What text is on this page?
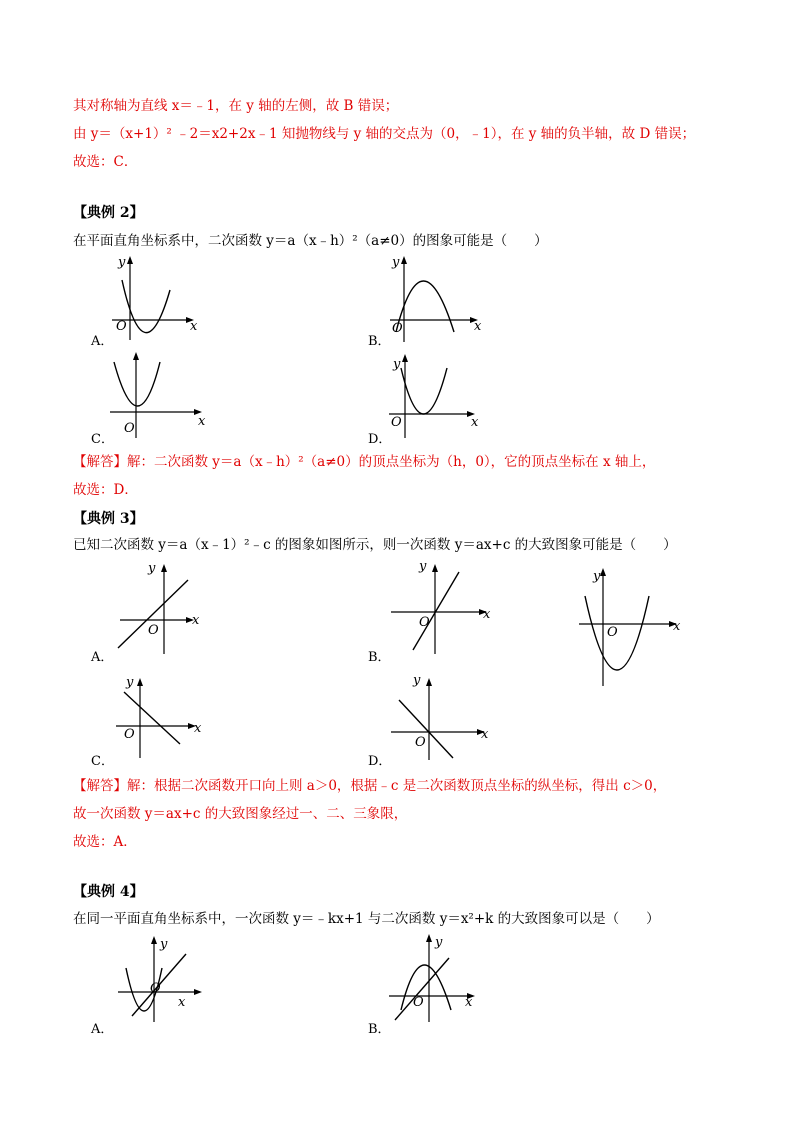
其对称轴为直线 x＝﹣1，在 y 轴的左侧，故 B 错误；
由 y＝（x+1）² ﹣2＝x2+2x﹣1 知抛物线与 y 轴的交点为（0，﹣1），在 y 轴的负半轴，故 D 错误；
故选：C．
【典例 2】
在平面直角坐标系中，二次函数 y＝a（x﹣h）²（a≠0）的图象可能是（　　）
y
x
O
A．
y
x
O
B．
O	x
C．
y
x
O
D．
【解答】解：二次函数 y＝a（x﹣h）²（a≠0）的顶点坐标为（h，0），它的顶点坐标在 x 轴上，
故选：D．
【典例 3】
已知二次函数 y＝a（x﹣1）²﹣c 的图象如图所示，则一次函数 y＝ax+c 的大致图象可能是（　　）
y
x
O
A．
y
x
O
B．
y
x
O
y
x
O
C．
y
x
O
D．
【解答】解：根据二次函数开口向上则 a＞0，根据﹣c 是二次函数顶点坐标的纵坐标，得出 c＞0，
故一次函数 y＝ax+c 的大致图象经过一、二、三象限，
故选：A．
【典例 4】
在同一平面直角坐标系中，一次函数 y＝﹣kx+1 与二次函数 y＝x²+k 的大致图象可以是（　　）
y
x
O
A．
y
x
O
B．
